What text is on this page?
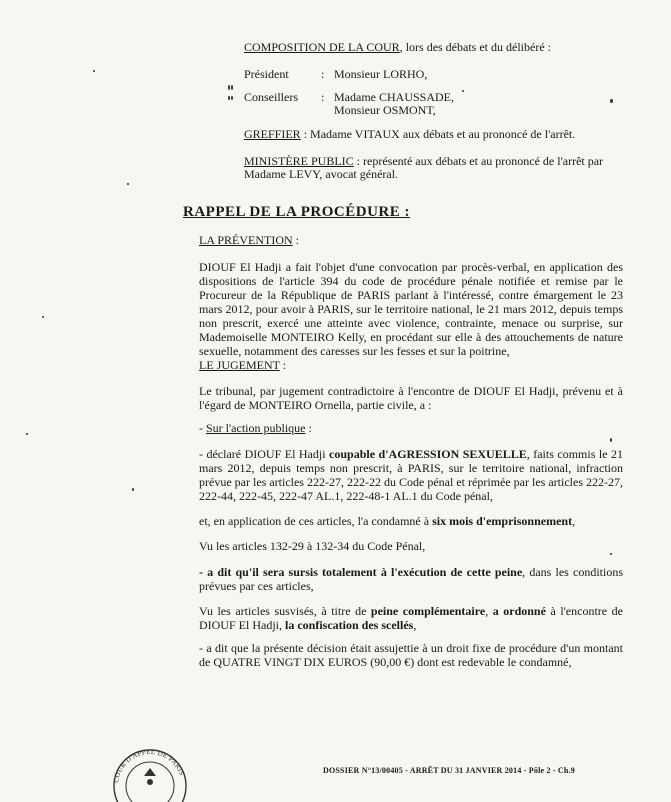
COMPOSITION DE LA COUR, lors des débats et du délibéré :
Président	: Monsieur LORHO,
Conseillers : Madame CHAUSSADE,
Monsieur OSMONT,
GREFFIER : Madame VITAUX aux débats et au prononcé de l'arrêt.
MINISTÈRE PUBLIC : représenté aux débats et au prononcé de l'arrêt par
Madame LEVY, avocat général.
RAPPEL DE LA PROCÉDURE :
LA PRÉVENTION :
DIOUF El Hadji a fait l'objet d'une convocation par procès-verbal, en application des dispositions de l'article 394 du code de procédure pénale notifiée et remise par le Procureur de la République de PARIS parlant à l'intéressé, contre émargement le 23 mars 2012, pour avoir à PARIS, sur le territoire national, le 21 mars 2012, depuis temps non prescrit, exercé une atteinte avec violence, contrainte, menace ou surprise, sur Mademoiselle MONTEIRO Kelly, en procédant sur elle à des attouchements de nature sexuelle, notamment des caresses sur les fesses et sur la poitrine,
LE JUGEMENT :
Le tribunal, par jugement contradictoire à l'encontre de DIOUF El Hadji, prévenu et à l'égard de MONTEIRO Ornella, partie civile, a :
- Sur l'action publique :
- déclaré DIOUF El Hadji coupable d'AGRESSION SEXUELLE, faits commis le 21 mars 2012, depuis temps non prescrit, à PARIS, sur le territoire national, infraction prévue par les articles 222-27, 222-22 du Code pénal et réprimée par les articles 222-27, 222-44, 222-45, 222-47 AL.1, 222-48-1 AL.1 du Code pénal,
et, en application de ces articles, l'a condamné à six mois d'emprisonnement,
Vu les articles 132-29 à 132-34 du Code Pénal,
- a dit qu'il sera sursis totalement à l'exécution de cette peine, dans les conditions prévues par ces articles,
Vu les articles susvisés, à titre de peine complémentaire, a ordonné à l'encontre de DIOUF El Hadji, la confiscation des scellés,
- a dit que la présente décision était assujettie à un droit fixe de procédure d'un montant de QUATRE VINGT DIX EUROS (90,00 €) dont est redevable le condamné,
DOSSIER N°13/00405 - ARRÊT DU 31 JANVIER 2014 - Pôle 2 - Ch.9
COUR D'APPEL DE PARIS
